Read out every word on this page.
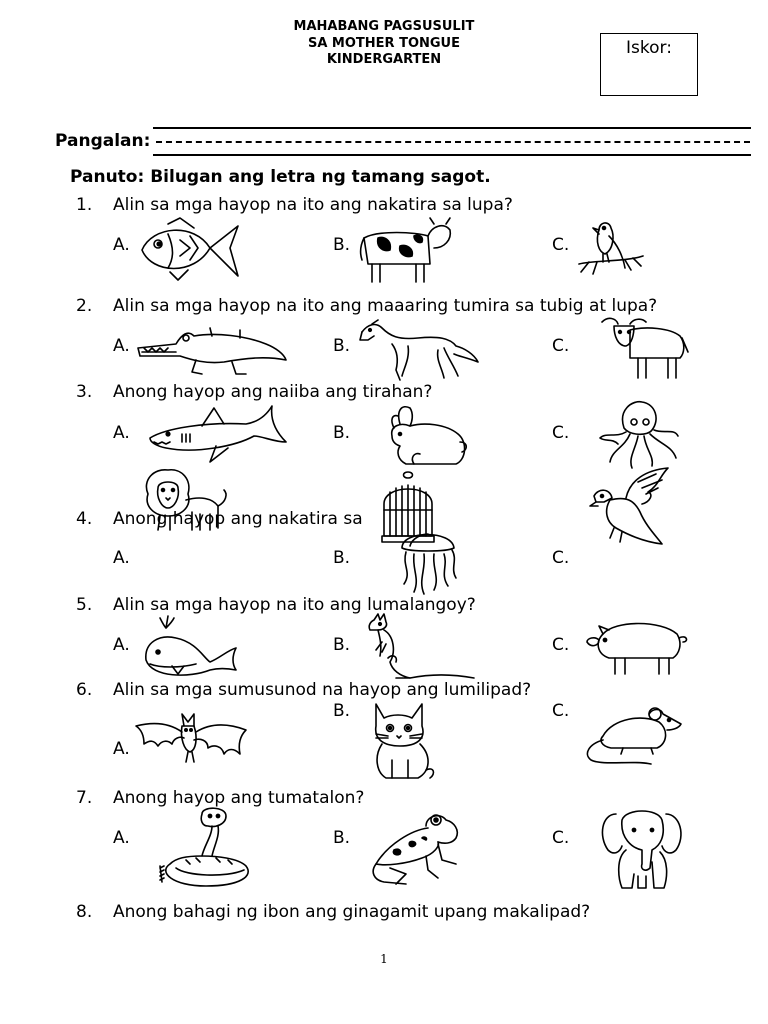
MAHABANG PAGSUSULIT
SA MOTHER TONGUE
KINDERGARTEN
Iskor:
Pangalan:
Panuto: Bilugan ang letra ng tamang sagot.
1. Alin sa mga hayop na ito ang nakatira sa lupa?
A.	B.	C.
2. Alin sa mga hayop na ito ang maaaring tumira sa tubig at lupa?
A.	B.	C.
3. Anong hayop ang naiiba ang tirahan?
A.	B.	C.
4. Anong hayop ang nakatira sa
A.	B.	C.
5. Alin sa mga hayop na ito ang lumalangoy?
A.	B.	C.
6. Alin sa mga sumusunod na hayop ang lumilipad?
A.
B.	C.
7. Anong hayop ang tumatalon?
A.	B.	C.
8. Anong bahagi ng ibon ang ginagamit upang makalipad?
1
